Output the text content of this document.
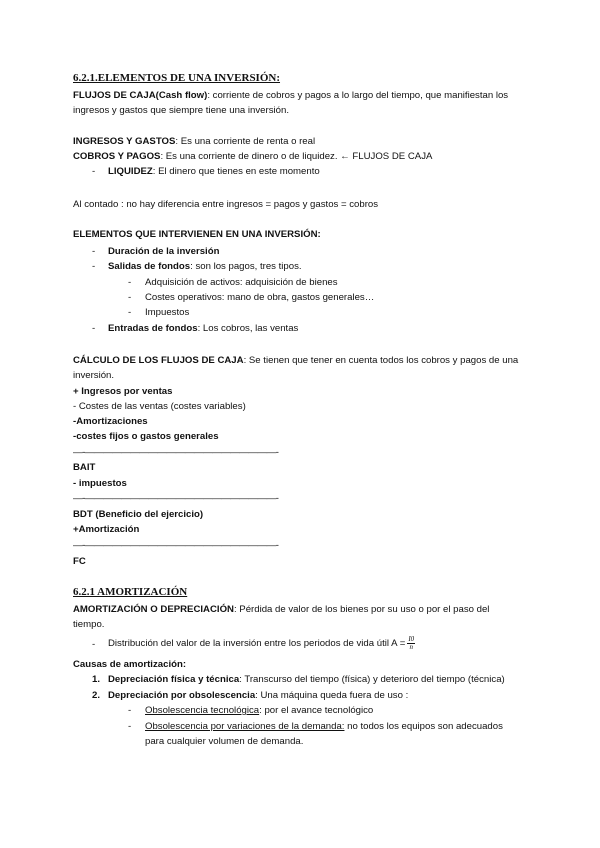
6.2.1.ELEMENTOS DE UNA INVERSIÓN:
FLUJOS DE CAJA(Cash flow): corriente de cobros y pagos a lo largo del tiempo, que manifiestan los
ingresos y gastos que siempre tiene una inversión.
INGRESOS Y GASTOS: Es una corriente de renta o real
COBROS Y PAGOS: Es una corriente de dinero o de liquidez. ← FLUJOS DE CAJA
- LIQUIDEZ: El dinero que tienes en este momento
Al contado : no hay diferencia entre ingresos = pagos y gastos = cobros
ELEMENTOS QUE INTERVIENEN EN UNA INVERSIÓN:
- Duración de la inversión
- Salidas de fondos: son los pagos, tres tipos.
- Adquisición de activos: adquisición de bienes
- Costes operativos: mano de obra, gastos generales…
- Impuestos
- Entradas de fondos: Los cobros, las ventas
CÁLCULO DE LOS FLUJOS DE CAJA: Se tienen que tener en cuenta todos los cobros y pagos de una
inversión.
+ Ingresos por ventas
- Costes de las ventas (costes variables)
-Amortizaciones
-costes fijos o gastos generales
—-—————————————————————-
BAIT
- impuestos
—-—————————————————————-
BDT (Beneficio del ejercicio)
+Amortización
—-—————————————————————-
FC
6.2.1 AMORTIZACIÓN
AMORTIZACIÓN O DEPRECIACIÓN: Pérdida de valor de los bienes por su uso o por el paso del
tiempo.
- Distribución del valor de la inversión entre los periodos de vida útil $A = \frac{I0}{n}$
Causas de amortización:
1. Depreciación física y técnica: Transcurso del tiempo (física) y deterioro del tiempo (técnica)
2. Depreciación por obsolescencia: Una máquina queda fuera de uso :
- Obsolescencia tecnológica: por el avance tecnológico
- Obsolescencia por variaciones de la demanda: no todos los equipos son adecuados
para cualquier volumen de demanda.
